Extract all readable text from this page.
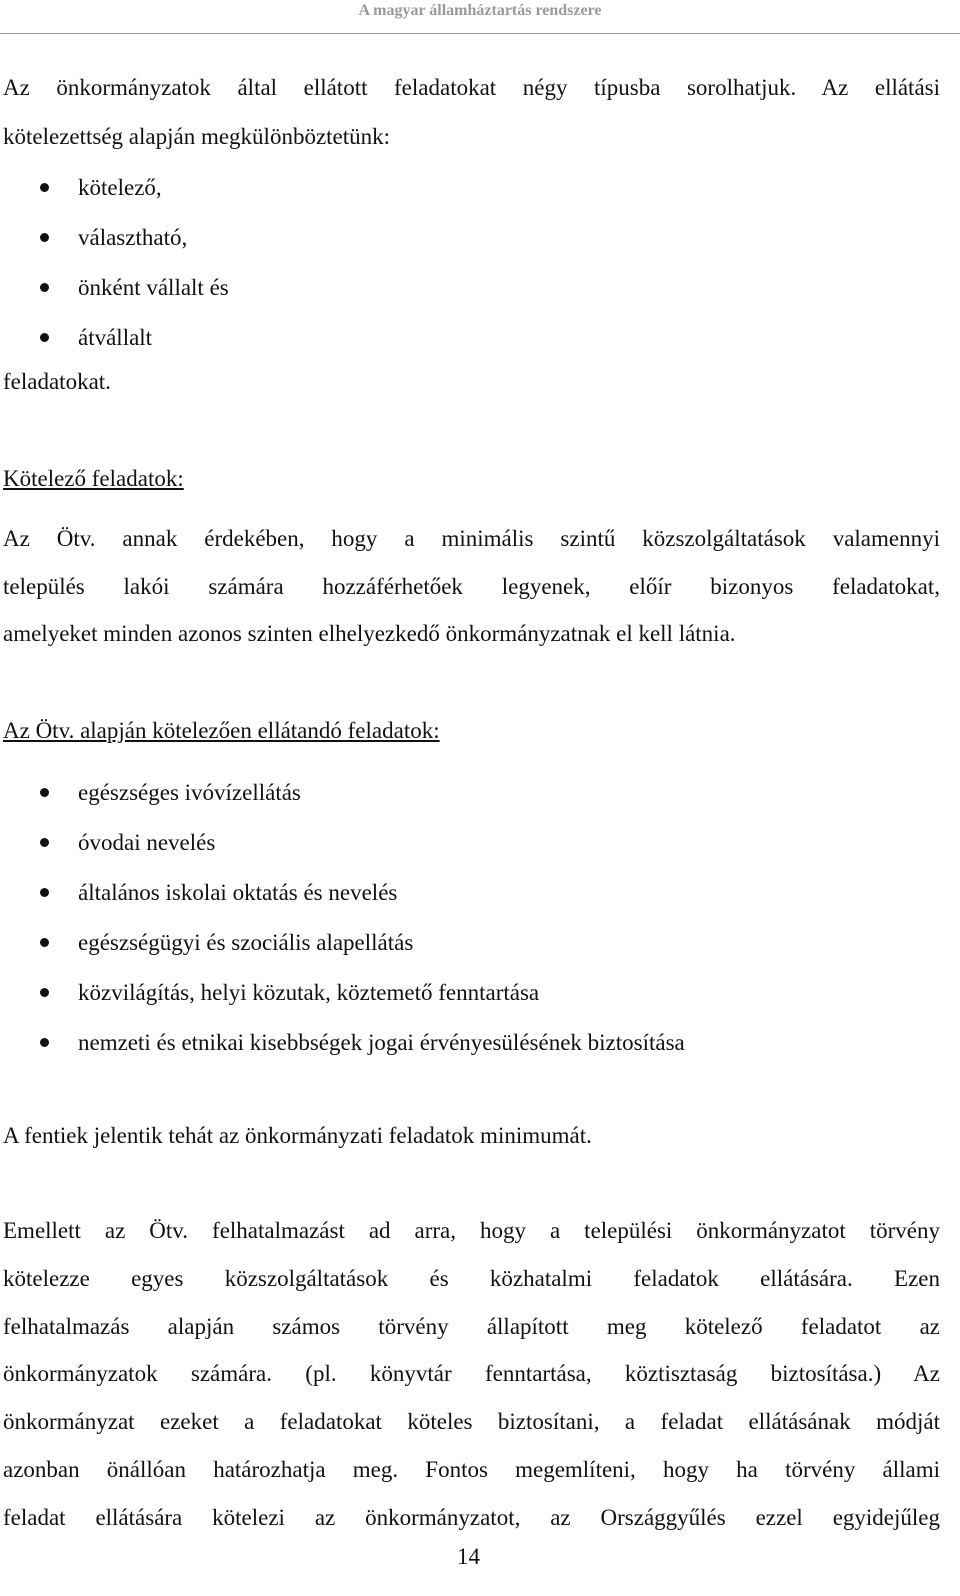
A magyar államháztartás rendszere

Az önkormányzatok által ellátott feladatokat négy típusba sorolhatjuk. Az ellátási

kötelezettség alapján megkülönböztetünk:

kötelező,
választható,
önként vállalt és
átvállalt

feladatokat.

Kötelező feladatok:

Az Ötv. annak érdekében, hogy a minimális szintű közszolgáltatások valamennyi

település lakói számára hozzáférhetőek legyenek, előír bizonyos feladatokat,

amelyeket minden azonos szinten elhelyezkedő önkormányzatnak el kell látnia.

Az Ötv. alapján kötelezően ellátandó feladatok:

egészséges ivóvízellátás
óvodai nevelés
általános iskolai oktatás és nevelés
egészségügyi és szociális alapellátás
közvilágítás, helyi közutak, köztemető fenntartása
nemzeti és etnikai kisebbségek jogai érvényesülésének biztosítása

A fentiek jelentik tehát az önkormányzati feladatok minimumát.

Emellett az Ötv. felhatalmazást ad arra, hogy a települési önkormányzatot törvény

kötelezze egyes közszolgáltatások és közhatalmi feladatok ellátására. Ezen

felhatalmazás alapján számos törvény állapított meg kötelező feladatot az

önkormányzatok számára. (pl. könyvtár fenntartása, köztisztaság biztosítása.) Az

önkormányzat ezeket a feladatokat köteles biztosítani, a feladat ellátásának módját

azonban önállóan határozhatja meg. Fontos megemlíteni, hogy ha törvény állami

feladat ellátására kötelezi az önkormányzatot, az Országgyűlés ezzel egyidejűleg

14
